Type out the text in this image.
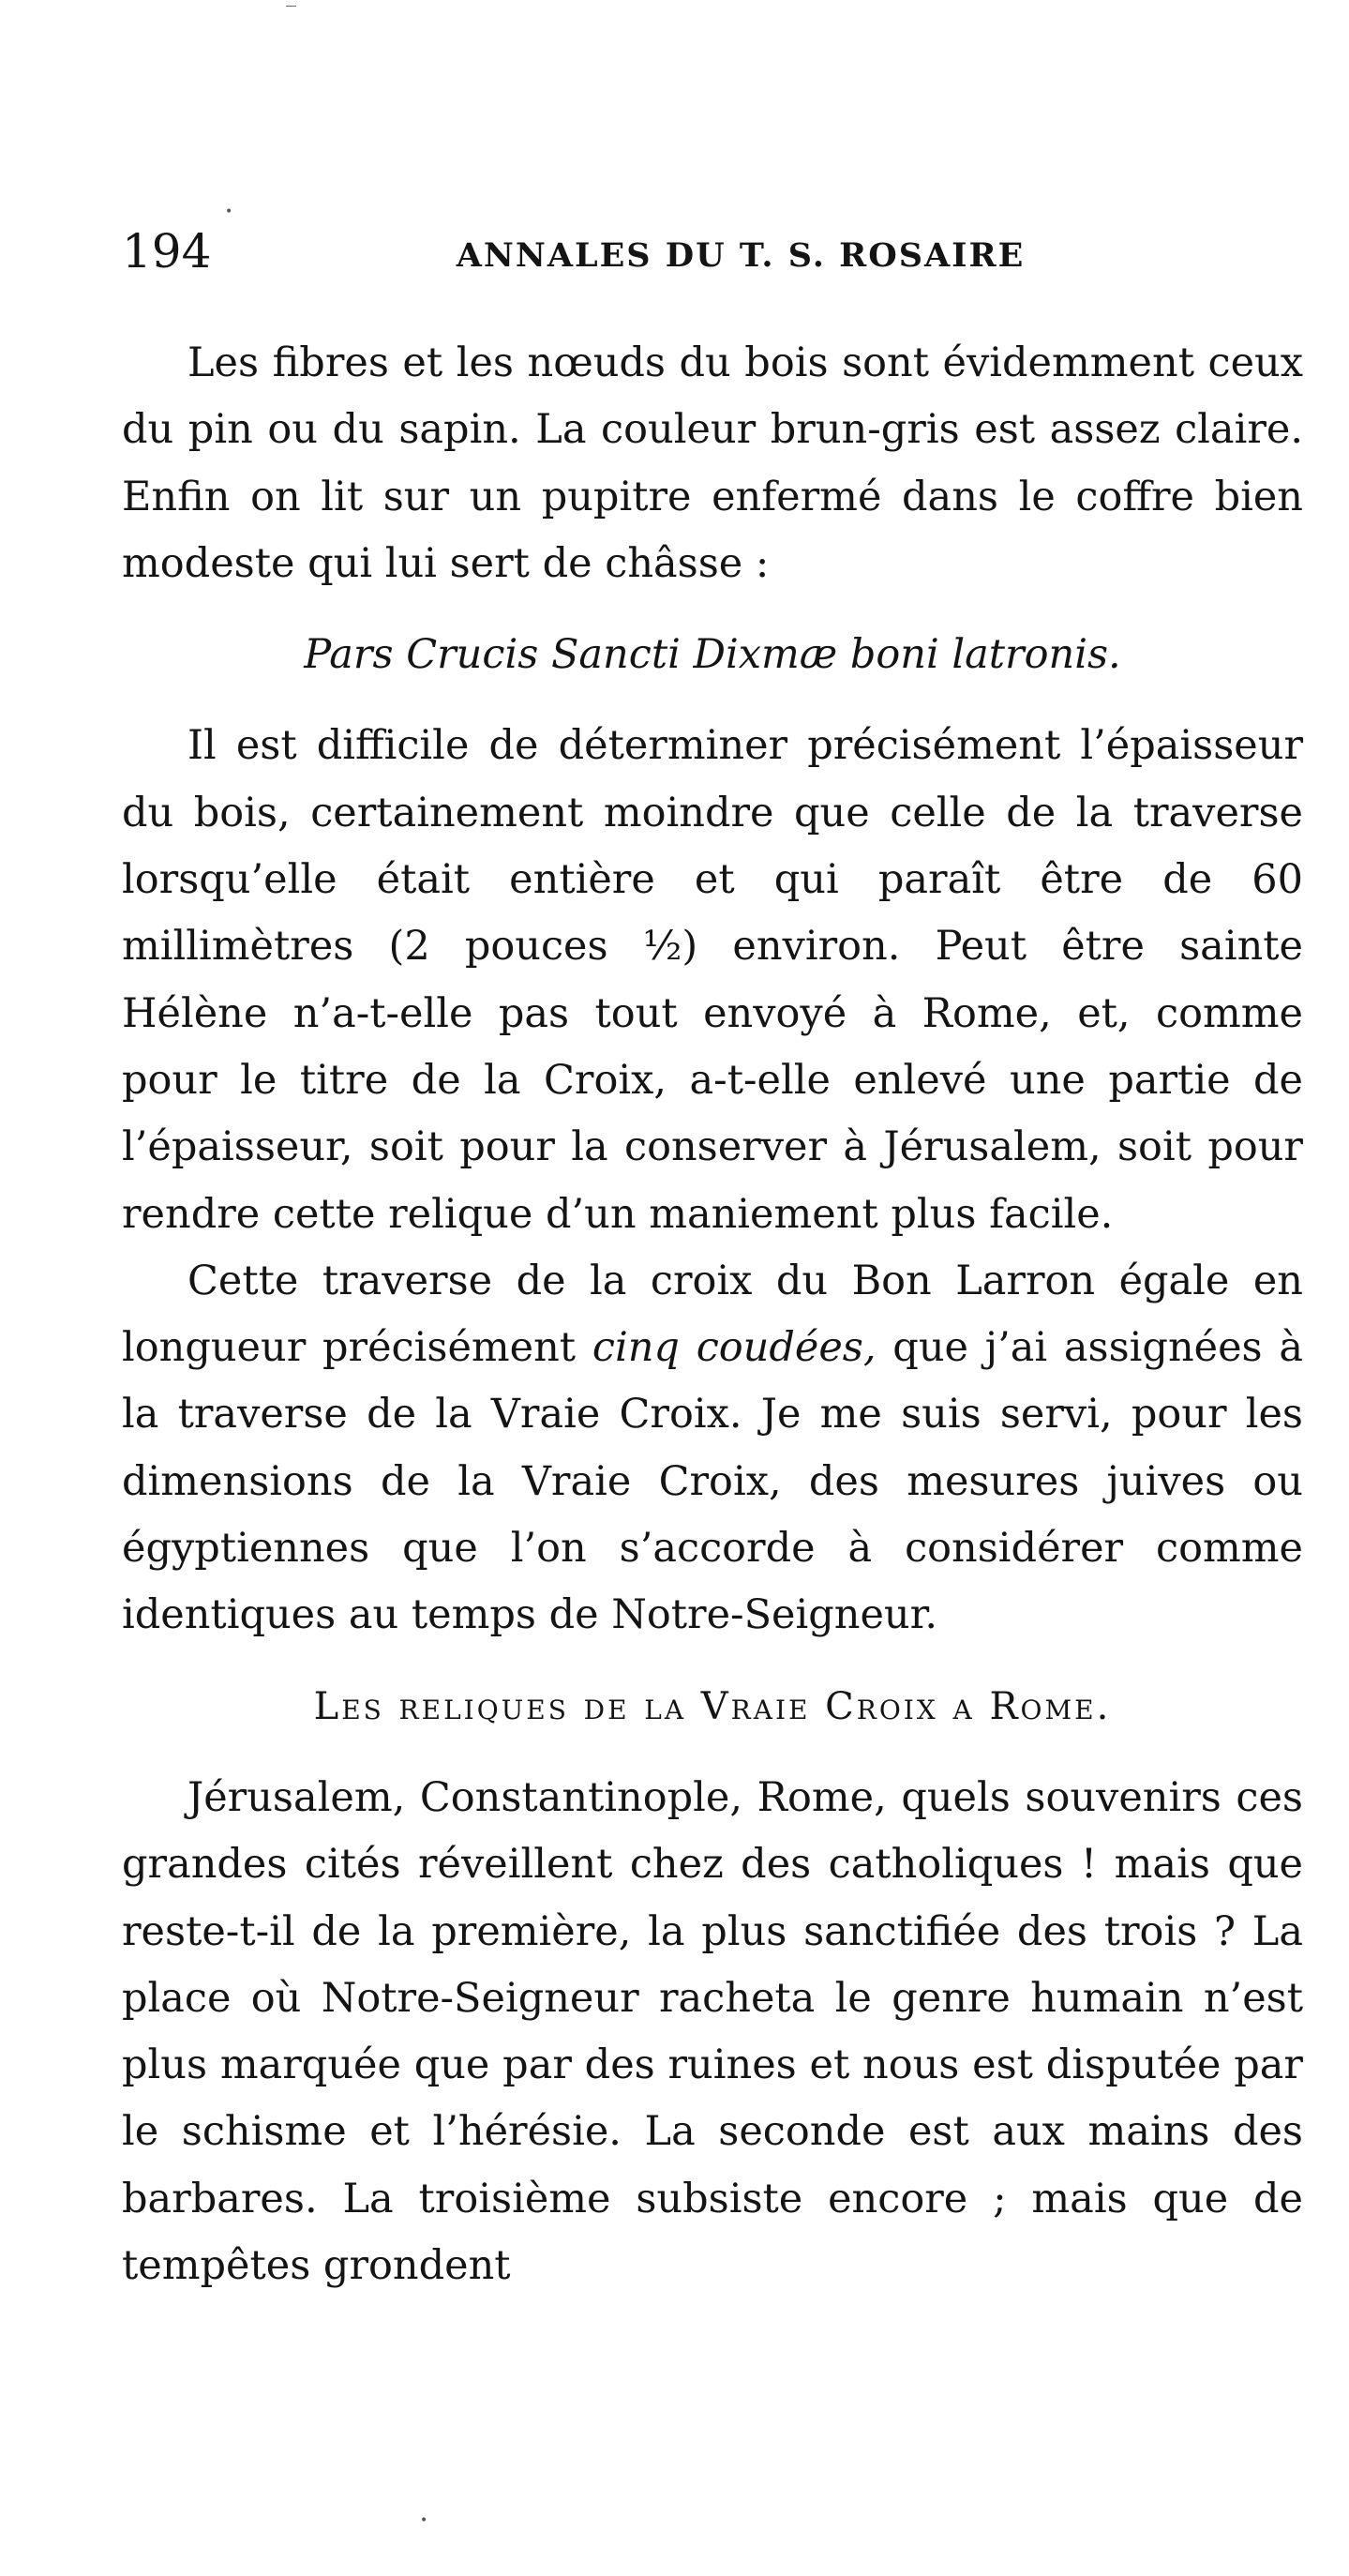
194	ANNALES DU T. S. ROSAIRE

Les fibres et les nœuds du bois sont évidemment ceux du pin ou du sapin. La couleur brun-gris est assez claire. Enfin on lit sur un pupitre enfermé dans le coffre bien modeste qui lui sert de châsse :

Pars Crucis Sancti Dixmæ boni latronis.

Il est difficile de déterminer précisément l’épaisseur du bois, certainement moindre que celle de la traverse lorsqu’elle était entière et qui paraît être de 60 millimètres (2 pouces ½) environ. Peut être sainte Hélène n’a-t-elle pas tout envoyé à Rome, et, comme pour le titre de la Croix, a-t-elle enlevé une partie de l’épaisseur, soit pour la conserver à Jérusalem, soit pour rendre cette relique d’un maniement plus facile.

Cette traverse de la croix du Bon Larron égale en longueur précisément cinq coudées, que j’ai assignées à la traverse de la Vraie Croix. Je me suis servi, pour les dimensions de la Vraie Croix, des mesures juives ou égyptiennes que l’on s’accorde à considérer comme identiques au temps de Notre-Seigneur.

Les reliques de la Vraie Croix a Rome.

Jérusalem, Constantinople, Rome, quels souvenirs ces grandes cités réveillent chez des catholiques ! mais que reste-t-il de la première, la plus sanctifiée des trois ? La place où Notre-Seigneur racheta le genre humain n’est plus marquée que par des ruines et nous est disputée par le schisme et l’hérésie. La seconde est aux mains des barbares. La troisième subsiste encore ; mais que de tempêtes grondent

‾
•
•
